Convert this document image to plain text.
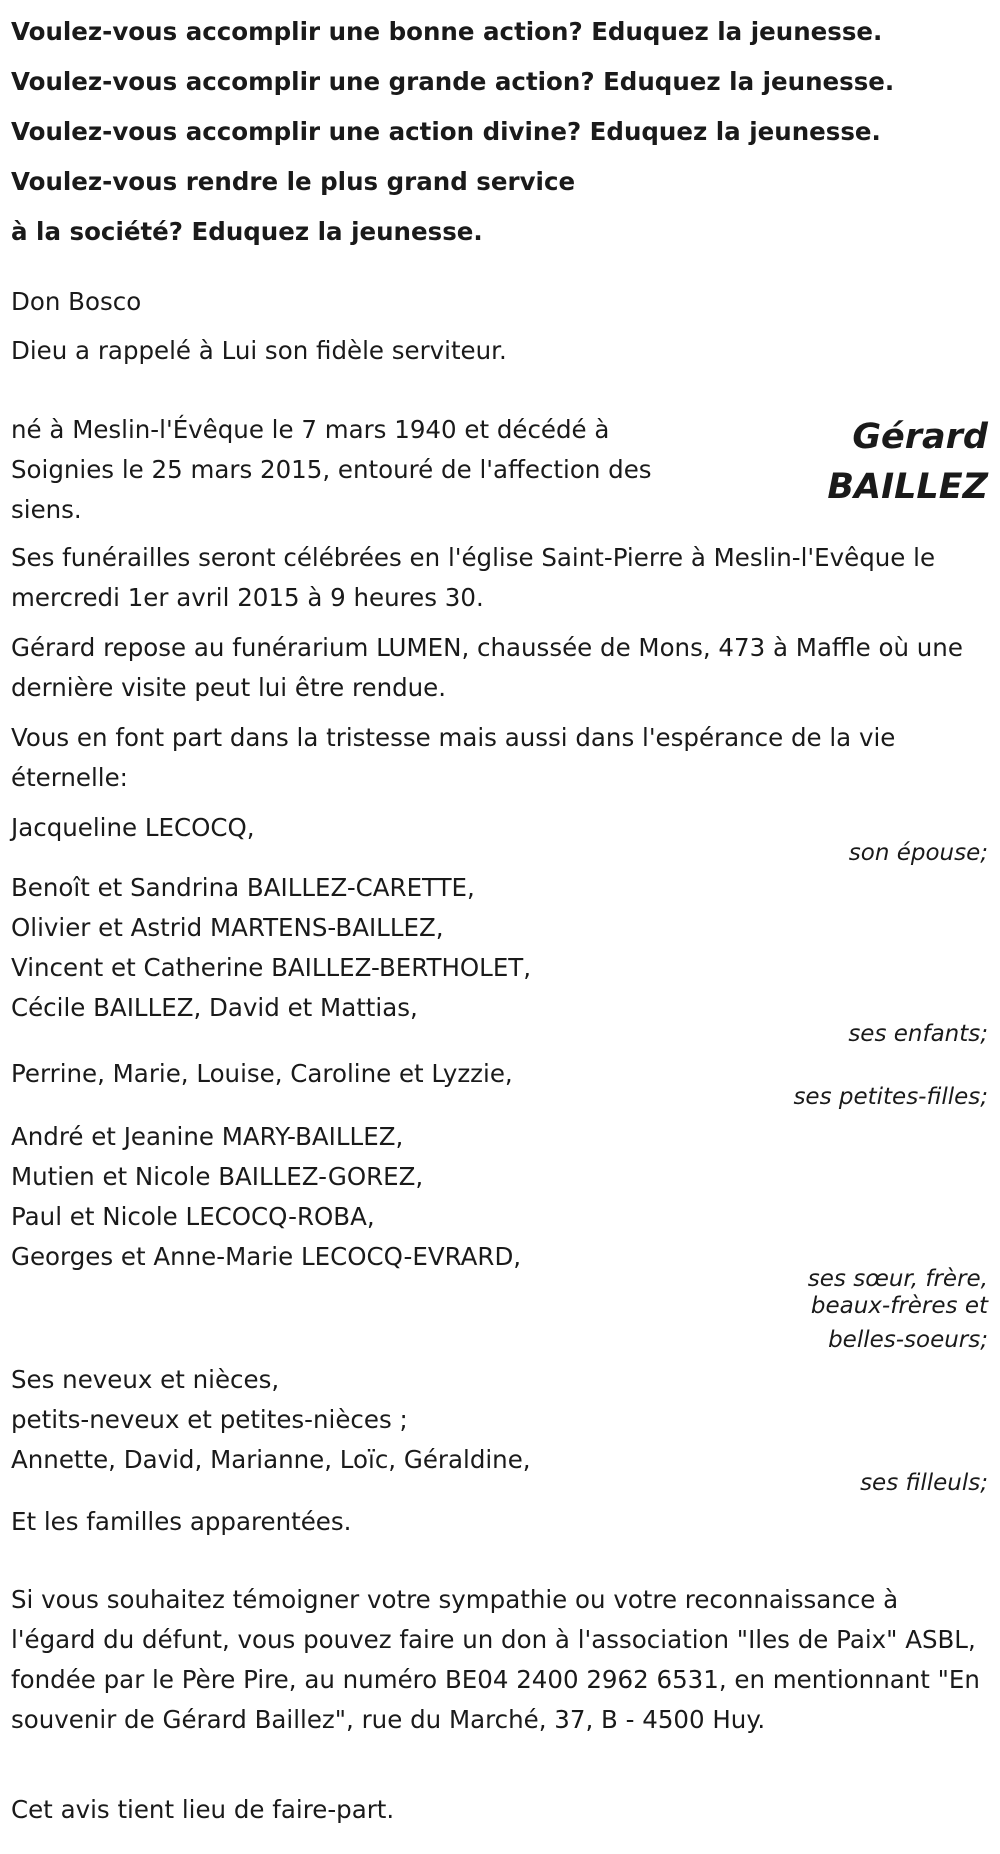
Voulez-vous accomplir une bonne action? Eduquez la jeunesse.
Voulez-vous accomplir une grande action? Eduquez la jeunesse.
Voulez-vous accomplir une action divine? Eduquez la jeunesse.
Voulez-vous rendre le plus grand service
à la société? Eduquez la jeunesse.
Don Bosco
Dieu a rappelé à Lui son fidèle serviteur.
né à Meslin-l'Évêque le 7 mars 1940 et décédé à Soignies le 25 mars 2015, entouré de l'affection des siens.
Gérard
BAILLEZ
Ses funérailles seront célébrées en l'église Saint-Pierre à Meslin-l'Evêque le mercredi 1er avril 2015 à 9 heures 30.
Gérard repose au funérarium LUMEN, chaussée de Mons, 473 à Maffle où une dernière visite peut lui être rendue.
Vous en font part dans la tristesse mais aussi dans l'espérance de la vie éternelle:
Jacqueline LECOCQ,
son épouse;
Benoît et Sandrina BAILLEZ-CARETTE,
Olivier et Astrid MARTENS-BAILLEZ,
Vincent et Catherine BAILLEZ-BERTHOLET,
Cécile BAILLEZ, David et Mattias,
ses enfants;
Perrine, Marie, Louise, Caroline et Lyzzie,
ses petites-filles;
André et Jeanine MARY-BAILLEZ,
Mutien et Nicole BAILLEZ-GOREZ,
Paul et Nicole LECOCQ-ROBA,
Georges et Anne-Marie LECOCQ-EVRARD,
ses sœur, frère,
beaux-frères et
belles-soeurs;
Ses neveux et nièces,
petits-neveux et petites-nièces ;
Annette, David, Marianne, Loïc, Géraldine,
ses filleuls;
Et les familles apparentées.
Si vous souhaitez témoigner votre sympathie ou votre reconnaissance à l'égard du défunt, vous pouvez faire un don à l'association "Iles de Paix" ASBL, fondée par le Père Pire, au numéro BE04 2400 2962 6531, en mentionnant "En souvenir de Gérard Baillez", rue du Marché, 37, B - 4500 Huy.
Cet avis tient lieu de faire-part.
